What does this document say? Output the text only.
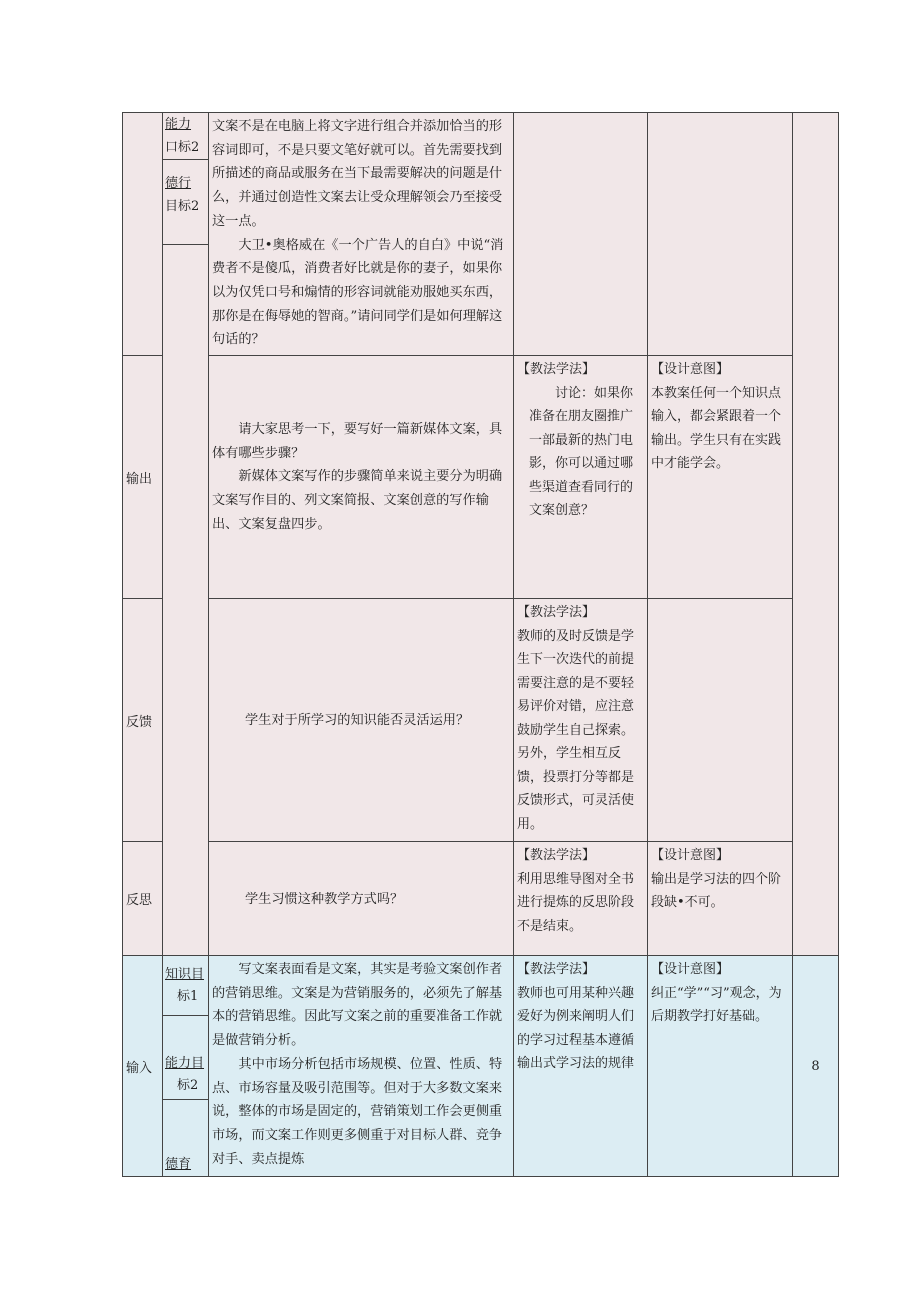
能力
口标2
德行
目标2

文案不是在电脑上将文字进行组合并添加恰当的形容词即可，不是只要文笔好就可以。首先需要找到所描述的商品或服务在当下最需要解决的问题是什么，并通过创造性文案去让受众理解领会乃至接受这一点。

大卫•奥格威在《一个广告人的自白》中说“消费者不是傻瓜，消费者好比就是你的妻子，如果你以为仅凭口号和煽情的形容词就能劝服她买东西，那你是在侮辱她的智商。”请问同学们是如何理解这句话的？

输出

请大家思考一下，要写好一篇新媒体文案，具体有哪些步骤？

新媒体文案写作的步骤简单来说主要分为明确文案写作目的、列文案简报、文案创意的写作输出、文案复盘四步。

【教法学法】

讨论：如果你准备在朋友圈推广一部最新的热门电影，你可以通过哪些渠道查看同行的文案创意？

【设计意图】

本教案任何一个知识点输入，都会紧跟着一个输出。学生只有在实践中才能学会。

反馈	学生对于所学习的知识能否灵活运用？

【教法学法】

教师的及时反馈是学生下一次迭代的前提需要注意的是不要轻易评价对错，应注意鼓励学生自己探索。另外，学生相互反馈，投票打分等都是反馈形式，可灵活使用。

反思	学生习惯这种教学方式吗？

【教法学法】

利用思维导图对全书进行提炼的反思阶段不是结束。

【设计意图】

输出是学习法的四个阶段缺•不可。

输入
知识目
标1
能力目
标2
德育

写文案表面看是文案，其实是考验文案创作者的营销思维。文案是为营销服务的，必须先了解基本的营销思维。因此写文案之前的重要准备工作就是做营销分析。

其中市场分析包括市场规模、位置、性质、特点、市场容量及吸引范围等。但对于大多数文案来说，整体的市场是固定的，营销策划工作会更侧重市场，而文案工作则更多侧重于对目标人群、竞争对手、卖点提炼

【教法学法】

教师也可用某种兴趣爱好为例来阐明人们的学习过程基本遵循输出式学习法的规律

【设计意图】

纠正“学”“习”观念，为后期教学打好基础。

8
